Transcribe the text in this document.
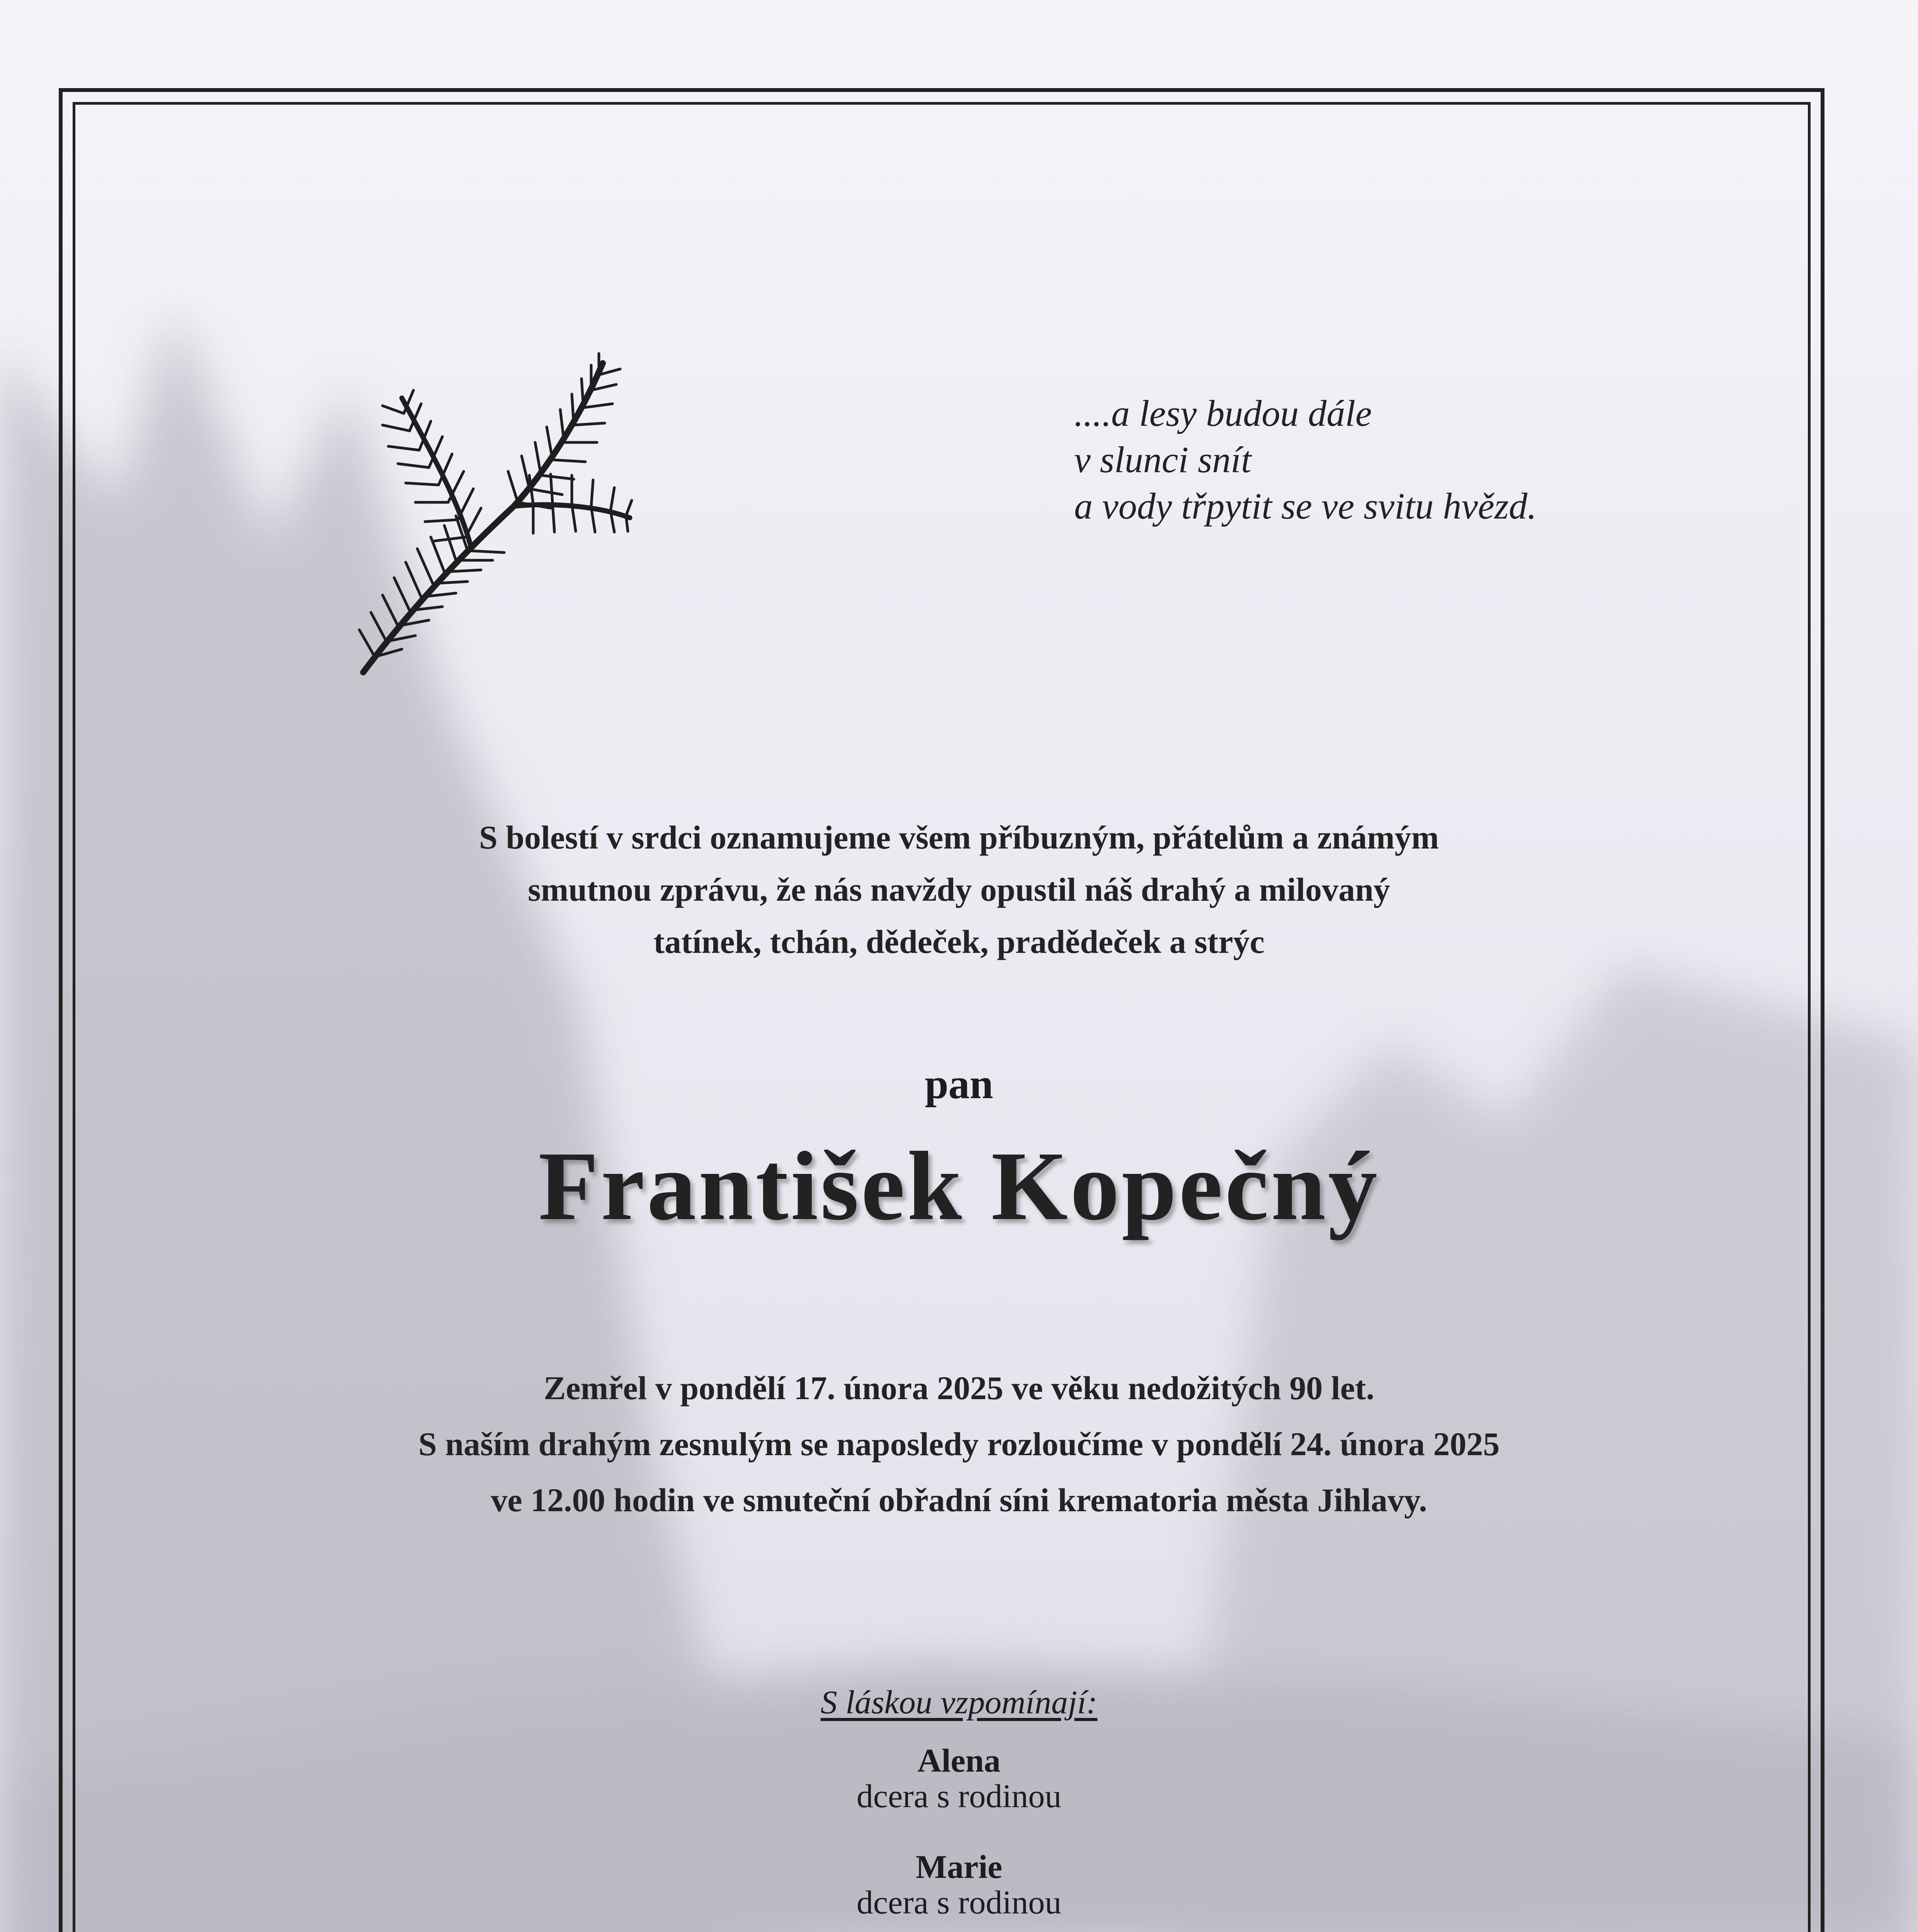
....a lesy budou dále
v slunci snít
a vody třpytit se ve svitu hvězd.
S bolestí v srdci oznamujeme všem příbuzným, přátelům a známým
smutnou zprávu, že nás navždy opustil náš drahý a milovaný
tatínek, tchán, dědeček, pradědeček a strýc
pan
František Kopečný
Zemřel v pondělí 17. února 2025 ve věku nedožitých 90 let.
S naším drahým zesnulým se naposledy rozloučíme v pondělí 24. února 2025
ve 12.00 hodin ve smuteční obřadní síni krematoria města Jihlavy.
S láskou vzpomínají:
Alena
dcera s rodinou
Marie
dcera s rodinou
